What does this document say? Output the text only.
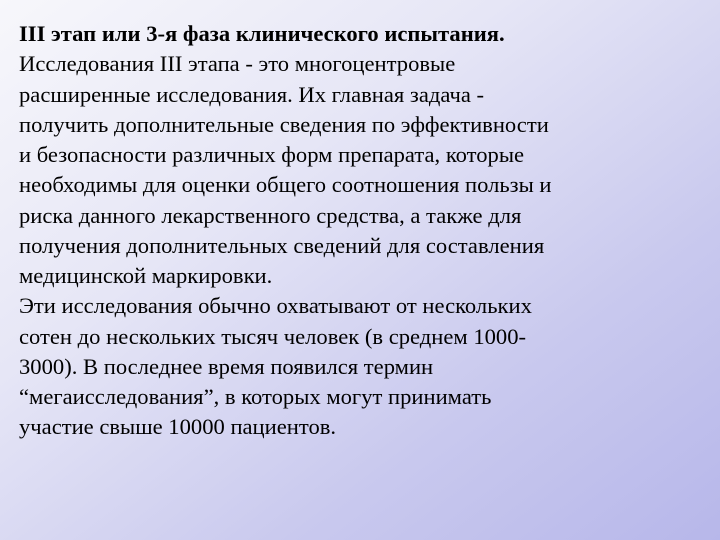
III этап или 3-я фаза клинического испытания.
Исследования III этапа - это многоцентровые
расширенные исследования. Их главная задача -
получить дополнительные сведения по эффективности
и безопасности различных форм препарата, которые
необходимы для оценки общего соотношения пользы и
риска данного лекарственного средства, а также для
получения дополнительных сведений для составления
медицинской маркировки.
Эти исследования обычно охватывают от нескольких
сотен до нескольких тысяч человек (в среднем 1000-
3000). В последнее время появился термин
“мегаисследования”, в которых могут принимать
участие свыше 10000 пациентов.
